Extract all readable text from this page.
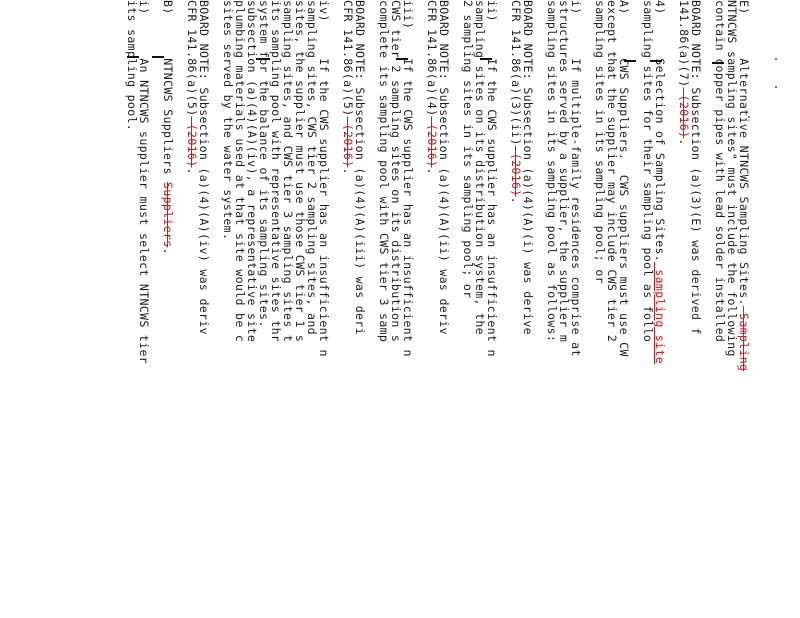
E)      Alternative NTNCWS Sampling Sites. Sampling
NTNCWS sampling sites" must include the following
contain copper pipes with lead solder installed
BOARD NOTE: Subsection (a)(3)(E) was derived f
141.86(a)(7) (2016).
4)      Selection of Sampling Sites. sampling site
sampling sites for their sampling pool as follo
A)      CWS Suppliers.  CWS suppliers must use CW
except that the supplier may include CWS tier 2
sampling sites in its sampling pool; or
i)      If multiple-family residences comprise at
structures served by a supplier, the supplier m
sampling sites in its sampling pool as follows:
BOARD NOTE: Subsection (a)(4)(A)(i) was derive
CFR 141.86(a)(3)(ii) (2016).
ii)     If the CWS supplier has an insufficient n
sampling sites on its distribution system, the
2 sampling sites in its sampling pool; or
BOARD NOTE: Subsection (a)(4)(A)(ii) was deriv
CFR 141.86(a)(4) (2016).
iii)    If the CWS supplier has an insufficient n
CWS tier 2 sampling sites on its distribution s
complete its sampling pool with CWS tier 3 samp
BOARD NOTE: Subsection (a)(4)(A)(iii) was deri
CFR 141.86(a)(5) (2016).
iv)     If the CWS supplier has an insufficient n
sampling sites, CWS tier 2 sampling sites, and
sites, the supplier must use those CWS tier 1 s
sampling sites, and CWS tier 3 sampling sites t
its sampling pool with representative sites thr
system for the balance of its sampling sites.
subsection (a)(4)(A)(iv), a representative site
plumbing materials used at that site would be c
sites served by the water system.
BOARD NOTE: Subsection (a)(4)(A)(iv) was deriv
CFR 141.86(a)(5) (2016).
B)      NTNCWS Suppliers Suppliers.
i)      An NTNCWS supplier must select NTNCWS tier
its sampling pool.
